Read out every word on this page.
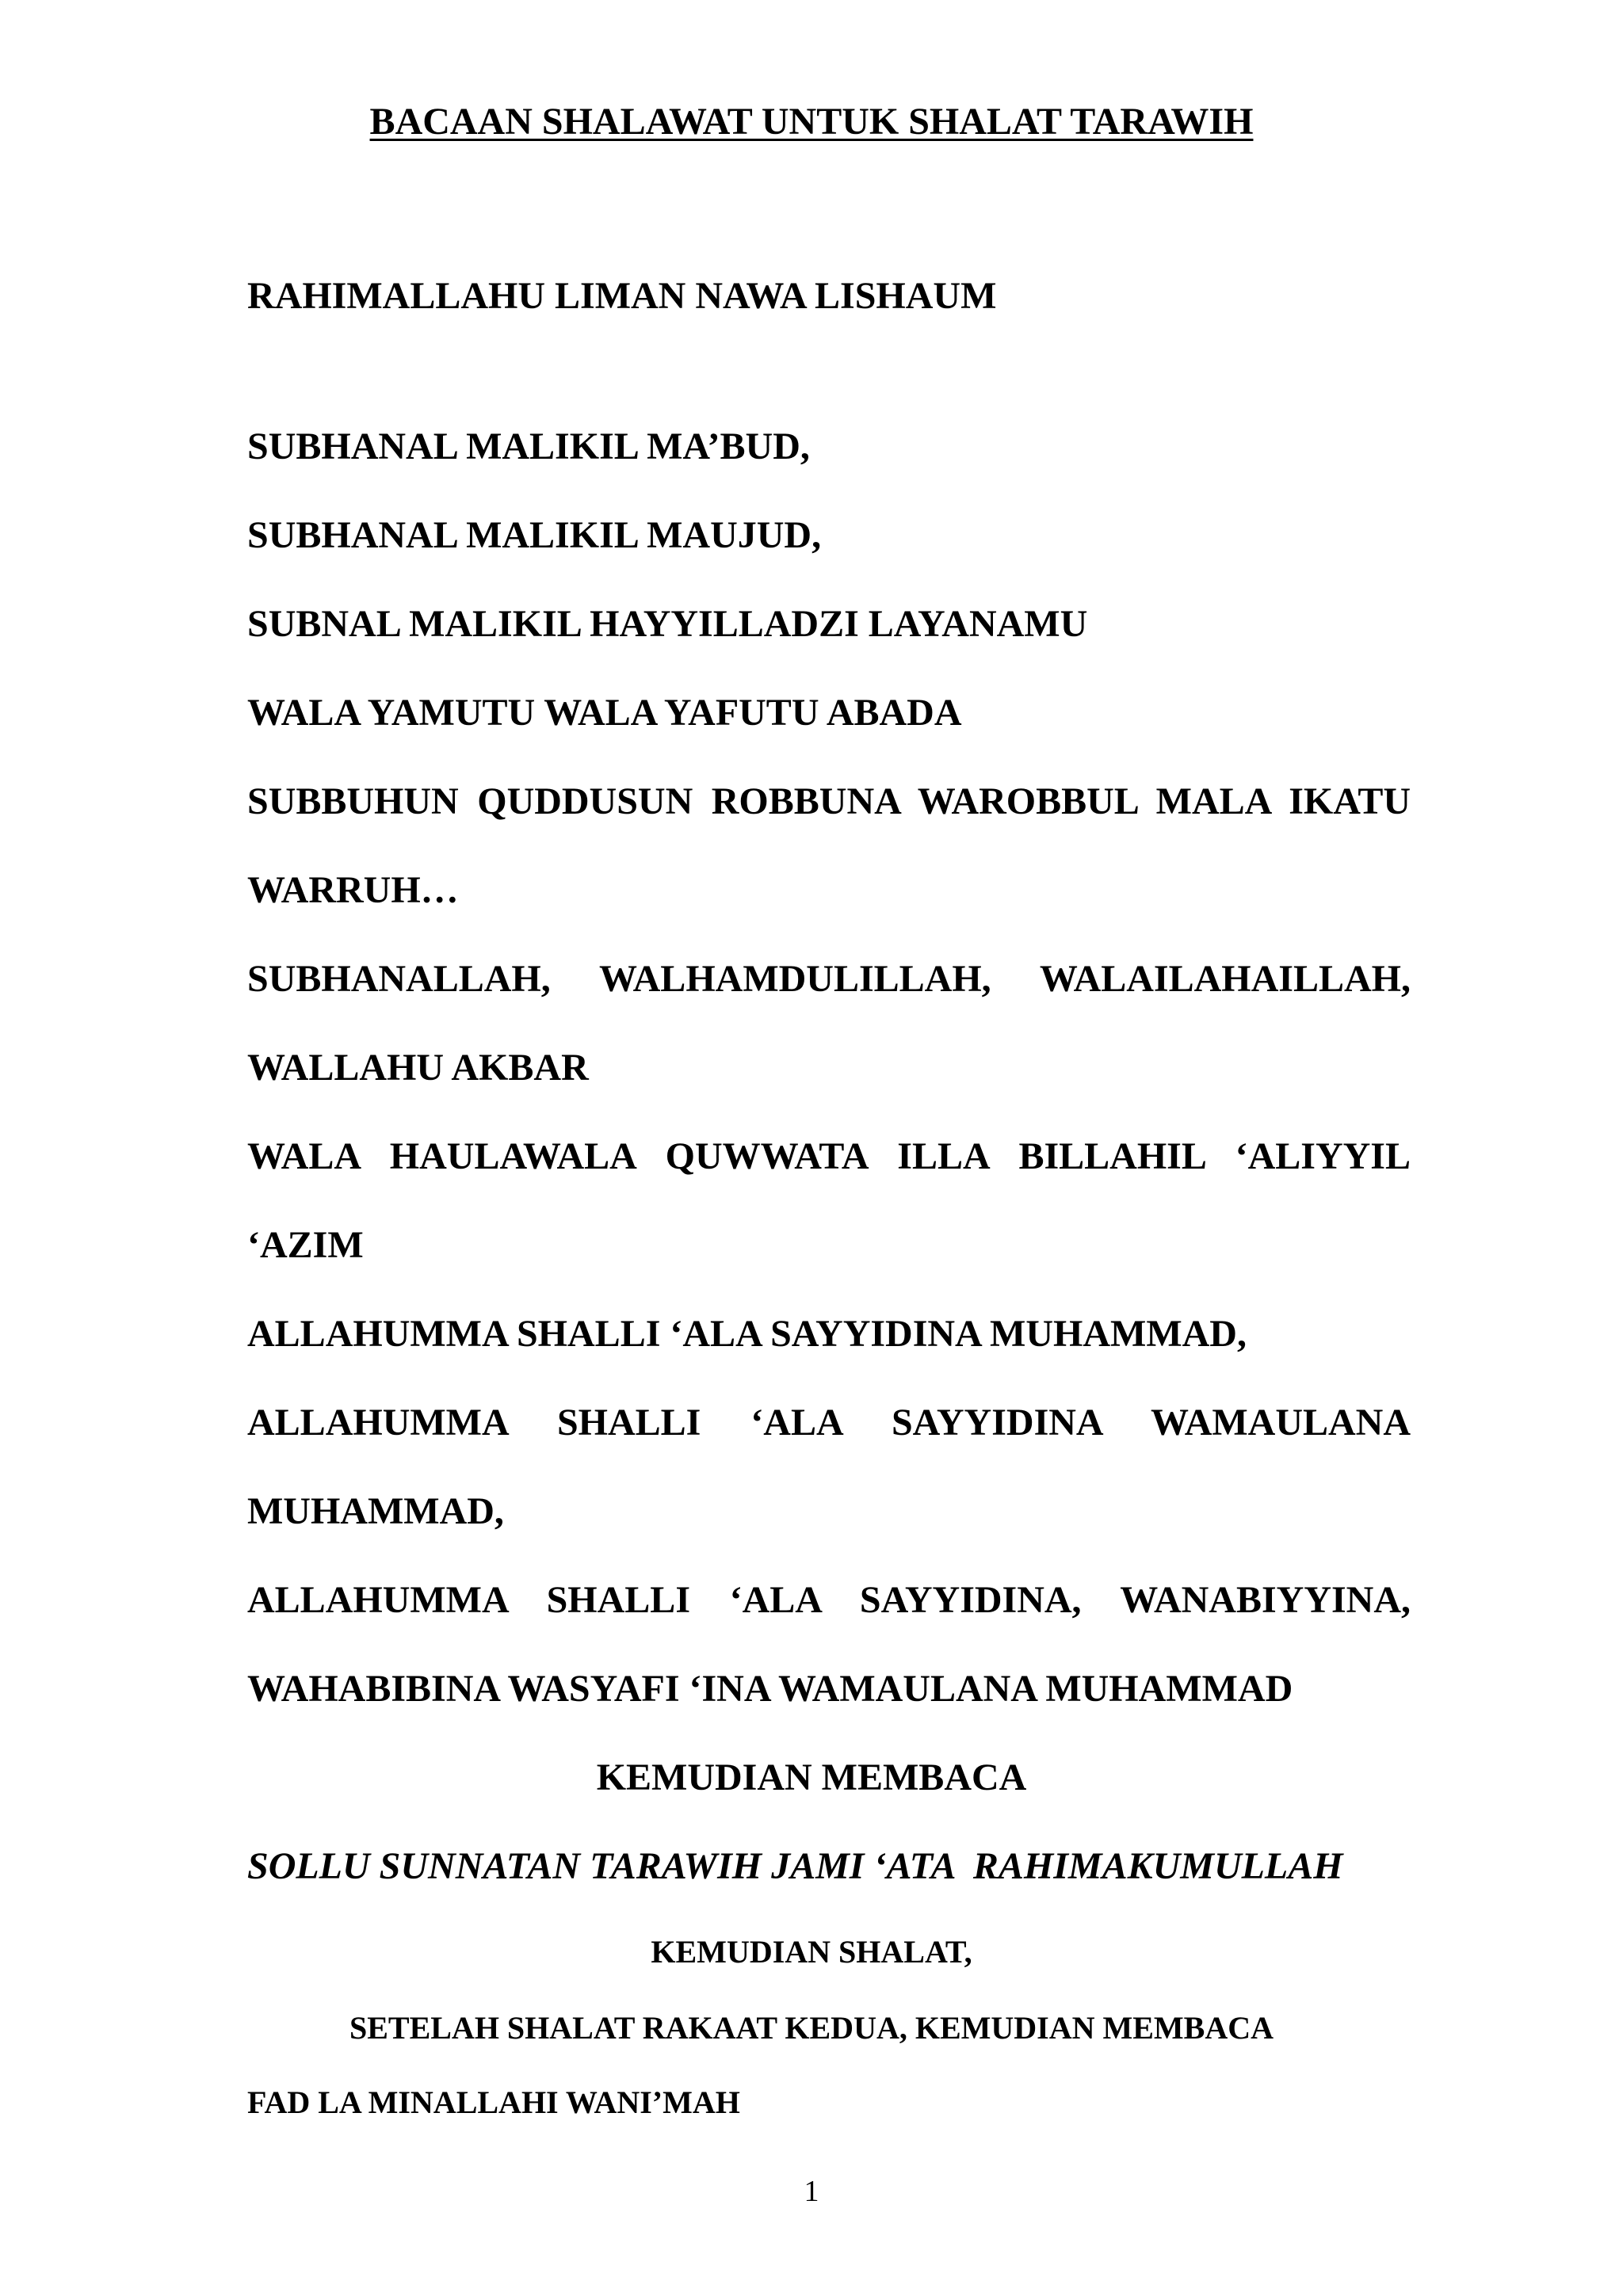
BACAAN SHALAWAT UNTUK SHALAT TARAWIH
RAHIMALLAHU LIMAN NAWA LISHAUM
SUBHANAL MALIKIL MA’BUD,
SUBHANAL MALIKIL MAUJUD,
SUBNAL MALIKIL HAYYILLADZI LAYANAMU
WALA YAMUTU WALA YAFUTU ABADA
SUBBUHUN QUDDUSUN ROBBUNA WAROBBUL MALA IKATU
WARRUH…
SUBHANALLAH, WALHAMDULILLAH, WALAILAHAILLAH,
WALLAHU AKBAR
WALA HAULAWALA QUWWATA ILLA BILLAHIL ‘ALIYYIL
‘AZIM
ALLAHUMMA SHALLI ‘ALA SAYYIDINA MUHAMMAD,
ALLAHUMMA SHALLI ‘ALA SAYYIDINA WAMAULANA
MUHAMMAD,
ALLAHUMMA SHALLI ‘ALA SAYYIDINA, WANABIYYINA,
WAHABIBINA WASYAFI ‘INA WAMAULANA MUHAMMAD
KEMUDIAN MEMBACA
SOLLU SUNNATAN TARAWIH JAMI ‘ATA  RAHIMAKUMULLAH
KEMUDIAN SHALAT,
SETELAH SHALAT RAKAAT KEDUA, KEMUDIAN MEMBACA
FAD LA MINALLAHI WANI’MAH
1
